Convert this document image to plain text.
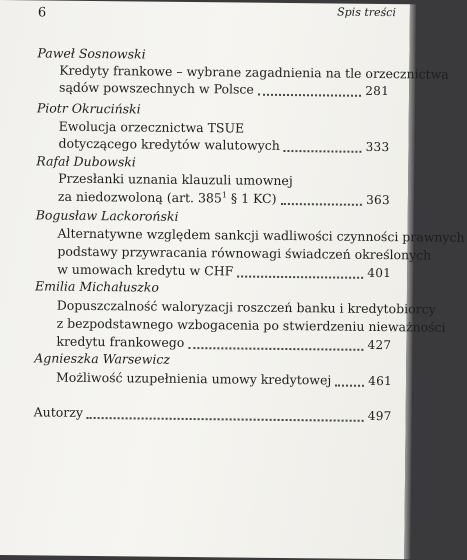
6	Spis treści
Paweł Sosnowski
Kredyty frankowe – wybrane zagadnienia na tle orzecznictwa
sądów powszechnych w Polsce	281
Piotr Okruciński
Ewolucja orzecznictwa TSUE
dotyczącego kredytów walutowych	333
Rafał Dubowski
Przesłanki uznania klauzuli umownej
za niedozwoloną (art. $385^1$ § 1 KC)	363
Bogusław Lackoroński
Alternatywne względem sankcji wadliwości czynności prawnych
podstawy przywracania równowagi świadczeń określonych
w umowach kredytu w CHF	401
Emilia Michałuszko
Dopuszczalność waloryzacji roszczeń banku i kredytobiorcy
z bezpodstawnego wzbogacenia po stwierdzeniu nieważności
kredytu frankowego	427
Agnieszka Warsewicz
Możliwość uzupełnienia umowy kredytowej	461
Autorzy	497
